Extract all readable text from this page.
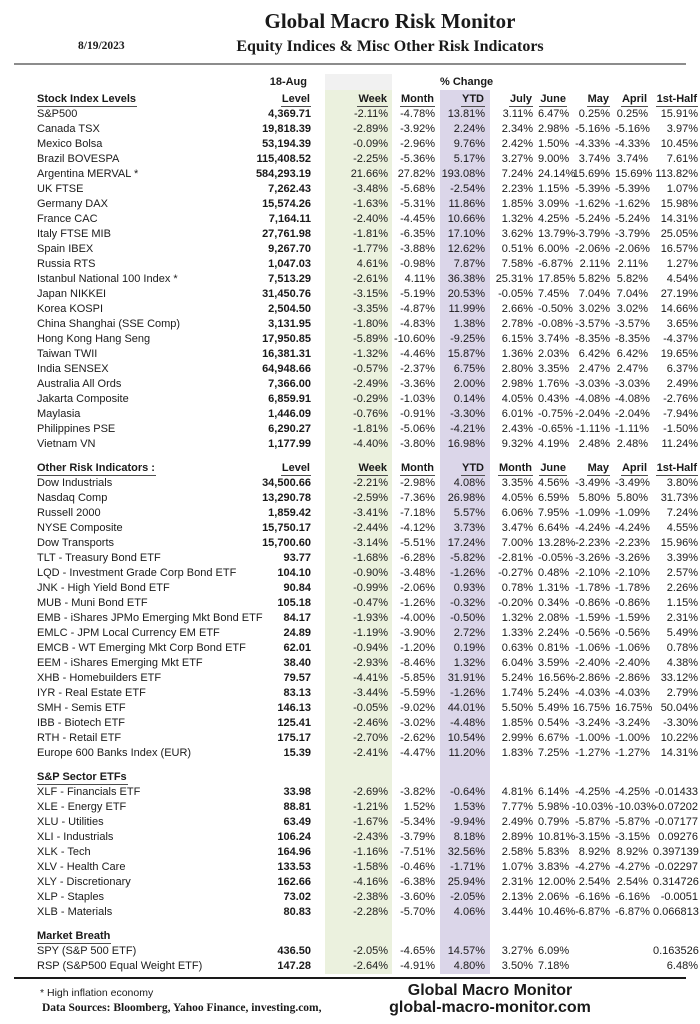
8/19/2023
Global Macro Risk Monitor
Equity Indices & Misc Other Risk Indicators
	18-Aug			% Change					
Stock Index Levels	Level	Week	Month	YTD	July	June	May	April	1st-Half
S&P500	4,369.71	-2.11%	-4.78%	13.81%	3.11%	6.47%	0.25%	0.25%	15.91%
Canada TSX	19,818.39	-2.89%	-3.92%	2.24%	2.34%	2.98%	-5.16%	-5.16%	3.97%
Mexico Bolsa	53,194.39	-0.09%	-2.96%	9.76%	2.42%	1.50%	-4.33%	-4.33%	10.45%
Brazil BOVESPA	115,408.52	-2.25%	-5.36%	5.17%	3.27%	9.00%	3.74%	3.74%	7.61%
Argentina MERVAL *	584,293.19	21.66%	27.82%	193.08%	7.24%	24.14%	15.69%	15.69%	113.82%
UK FTSE	7,262.43	-3.48%	-5.68%	-2.54%	2.23%	1.15%	-5.39%	-5.39%	1.07%
Germany DAX	15,574.26	-1.63%	-5.31%	11.86%	1.85%	3.09%	-1.62%	-1.62%	15.98%
France CAC	7,164.11	-2.40%	-4.45%	10.66%	1.32%	4.25%	-5.24%	-5.24%	14.31%
Italy FTSE MIB	27,761.98	-1.81%	-6.35%	17.10%	3.62%	13.79%	-3.79%	-3.79%	25.05%
Spain IBEX	9,267.70	-1.77%	-3.88%	12.62%	0.51%	6.00%	-2.06%	-2.06%	16.57%
Russia RTS	1,047.03	4.61%	-0.98%	7.87%	7.58%	-6.87%	2.11%	2.11%	1.27%
Istanbul National 100 Index *	7,513.29	-2.61%	4.11%	36.38%	25.31%	17.85%	5.82%	5.82%	4.54%
Japan NIKKEI	31,450.76	-3.15%	-5.19%	20.53%	-0.05%	7.45%	7.04%	7.04%	27.19%
Korea KOSPI	2,504.50	-3.35%	-4.87%	11.99%	2.66%	-0.50%	3.02%	3.02%	14.66%
China Shanghai (SSE Comp)	3,131.95	-1.80%	-4.83%	1.38%	2.78%	-0.08%	-3.57%	-3.57%	3.65%
Hong Kong Hang Seng	17,950.85	-5.89%	-10.60%	-9.25%	6.15%	3.74%	-8.35%	-8.35%	-4.37%
Taiwan TWII	16,381.31	-1.32%	-4.46%	15.87%	1.36%	2.03%	6.42%	6.42%	19.65%
India SENSEX	64,948.66	-0.57%	-2.37%	6.75%	2.80%	3.35%	2.47%	2.47%	6.37%
Australia All Ords	7,366.00	-2.49%	-3.36%	2.00%	2.98%	1.76%	-3.03%	-3.03%	2.49%
Jakarta Composite	6,859.91	-0.29%	-1.03%	0.14%	4.05%	0.43%	-4.08%	-4.08%	-2.76%
Maylasia	1,446.09	-0.76%	-0.91%	-3.30%	6.01%	-0.75%	-2.04%	-2.04%	-7.94%
Philippines PSE	6,290.27	-1.81%	-5.06%	-4.21%	2.43%	-0.65%	-1.11%	-1.11%	-1.50%
Vietnam VN	1,177.99	-4.40%	-3.80%	16.98%	9.32%	4.19%	2.48%	2.48%	11.24%
Other Risk Indicators :	Level	Week	Month	YTD	Month	June	May	April	1st-Half
Dow Industrials	34,500.66	-2.21%	-2.98%	4.08%	3.35%	4.56%	-3.49%	-3.49%	3.80%
Nasdaq Comp	13,290.78	-2.59%	-7.36%	26.98%	4.05%	6.59%	5.80%	5.80%	31.73%
Russell 2000	1,859.42	-3.41%	-7.18%	5.57%	6.06%	7.95%	-1.09%	-1.09%	7.24%
NYSE Composite	15,750.17	-2.44%	-4.12%	3.73%	3.47%	6.64%	-4.24%	-4.24%	4.55%
Dow Transports	15,700.60	-3.14%	-5.51%	17.24%	7.00%	13.28%	-2.23%	-2.23%	15.96%
TLT - Treasury Bond ETF	93.77	-1.68%	-6.28%	-5.82%	-2.81%	-0.05%	-3.26%	-3.26%	3.39%
LQD - Investment Grade Corp Bond ETF	104.10	-0.90%	-3.48%	-1.26%	-0.27%	0.48%	-2.10%	-2.10%	2.57%
JNK - High Yield Bond ETF	90.84	-0.99%	-2.06%	0.93%	0.78%	1.31%	-1.78%	-1.78%	2.26%
MUB - Muni Bond ETF	105.18	-0.47%	-1.26%	-0.32%	-0.20%	0.34%	-0.86%	-0.86%	1.15%
EMB - iShares JPMo Emerging Mkt Bond ETF	84.17	-1.93%	-4.00%	-0.50%	1.32%	2.08%	-1.59%	-1.59%	2.31%
EMLC - JPM Local Currency EM ETF	24.89	-1.19%	-3.90%	2.72%	1.33%	2.24%	-0.56%	-0.56%	5.49%
EMCB - WT Emerging Mkt Corp Bond ETF	62.01	-0.94%	-1.20%	0.19%	0.63%	0.81%	-1.06%	-1.06%	0.78%
EEM - iShares Emerging Mkt ETF	38.40	-2.93%	-8.46%	1.32%	6.04%	3.59%	-2.40%	-2.40%	4.38%
XHB - Homebuilders ETF	79.57	-4.41%	-5.85%	31.91%	5.24%	16.56%	-2.86%	-2.86%	33.12%
IYR - Real Estate ETF	83.13	-3.44%	-5.59%	-1.26%	1.74%	5.24%	-4.03%	-4.03%	2.79%
SMH - Semis ETF	146.13	-0.05%	-9.02%	44.01%	5.50%	5.49%	16.75%	16.75%	50.04%
IBB - Biotech ETF	125.41	-2.46%	-3.02%	-4.48%	1.85%	0.54%	-3.24%	-3.24%	-3.30%
RTH - Retail ETF	175.17	-2.70%	-2.62%	10.54%	2.99%	6.67%	-1.00%	-1.00%	10.22%
Europe 600 Banks Index (EUR)	15.39	-2.41%	-4.47%	11.20%	1.83%	7.25%	-1.27%	-1.27%	14.31%
S&P Sector ETFs									
XLF - Financials ETF	33.98	-2.69%	-3.82%	-0.64%	4.81%	6.14%	-4.25%	-4.25%	-0.01433
XLE - Energy ETF	88.81	-1.21%	1.52%	1.53%	7.77%	5.98%	-10.03%	-10.03%	-0.07202
XLU - Utilities	63.49	-1.67%	-5.34%	-9.94%	2.49%	0.79%	-5.87%	-5.87%	-0.07177
XLI - Industrials	106.24	-2.43%	-3.79%	8.18%	2.89%	10.81%	-3.15%	-3.15%	0.09276
XLK - Tech	164.96	-1.16%	-7.51%	32.56%	2.58%	5.83%	8.92%	8.92%	0.397139
XLV - Health Care	133.53	-1.58%	-0.46%	-1.71%	1.07%	3.83%	-4.27%	-4.27%	-0.02297
XLY - Discretionary	162.66	-4.16%	-6.38%	25.94%	2.31%	12.00%	2.54%	2.54%	0.314726
XLP - Staples	73.02	-2.38%	-3.60%	-2.05%	2.13%	2.06%	-6.16%	-6.16%	-0.0051
XLB - Materials	80.83	-2.28%	-5.70%	4.06%	3.44%	10.46%	-6.87%	-6.87%	0.066813
Market Breath									
SPY (S&P 500 ETF)	436.50	-2.05%	-4.65%	14.57%	3.27%	6.09%			0.163526
RSP (S&P500 Equal Weight ETF)	147.28	-2.64%	-4.91%	4.80%	3.50%	7.18%			6.48%
* High inflation economy
Data Sources: Bloomberg, Yahoo Finance, investing.com,
Global Macro Monitor
global-macro-monitor.com
